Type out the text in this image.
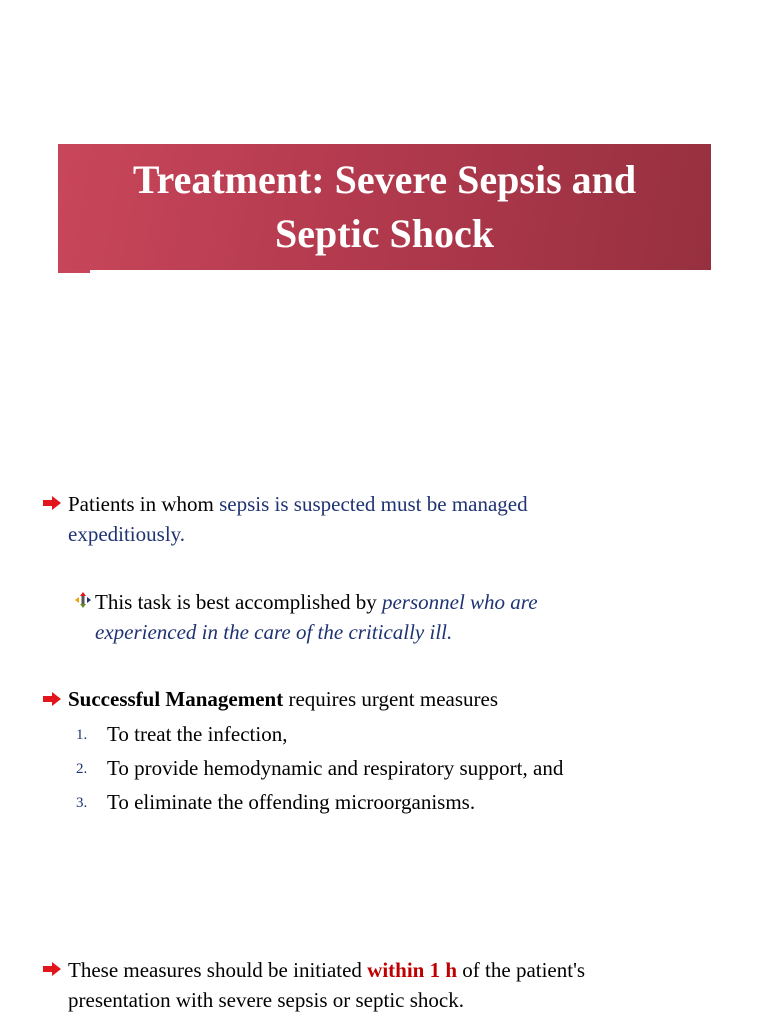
Treatment: Severe Sepsis and
Septic Shock

Patients in whom sepsis is suspected must be managed
expeditiously.
This task is best accomplished by personnel who are
experienced in the care of the critically ill.
Successful Management requires urgent measures
1. To treat the infection,
2. To provide hemodynamic and respiratory support, and
3. To eliminate the offending microorganisms.
These measures should be initiated within 1 h of the patient's
presentation with severe sepsis or septic shock.
